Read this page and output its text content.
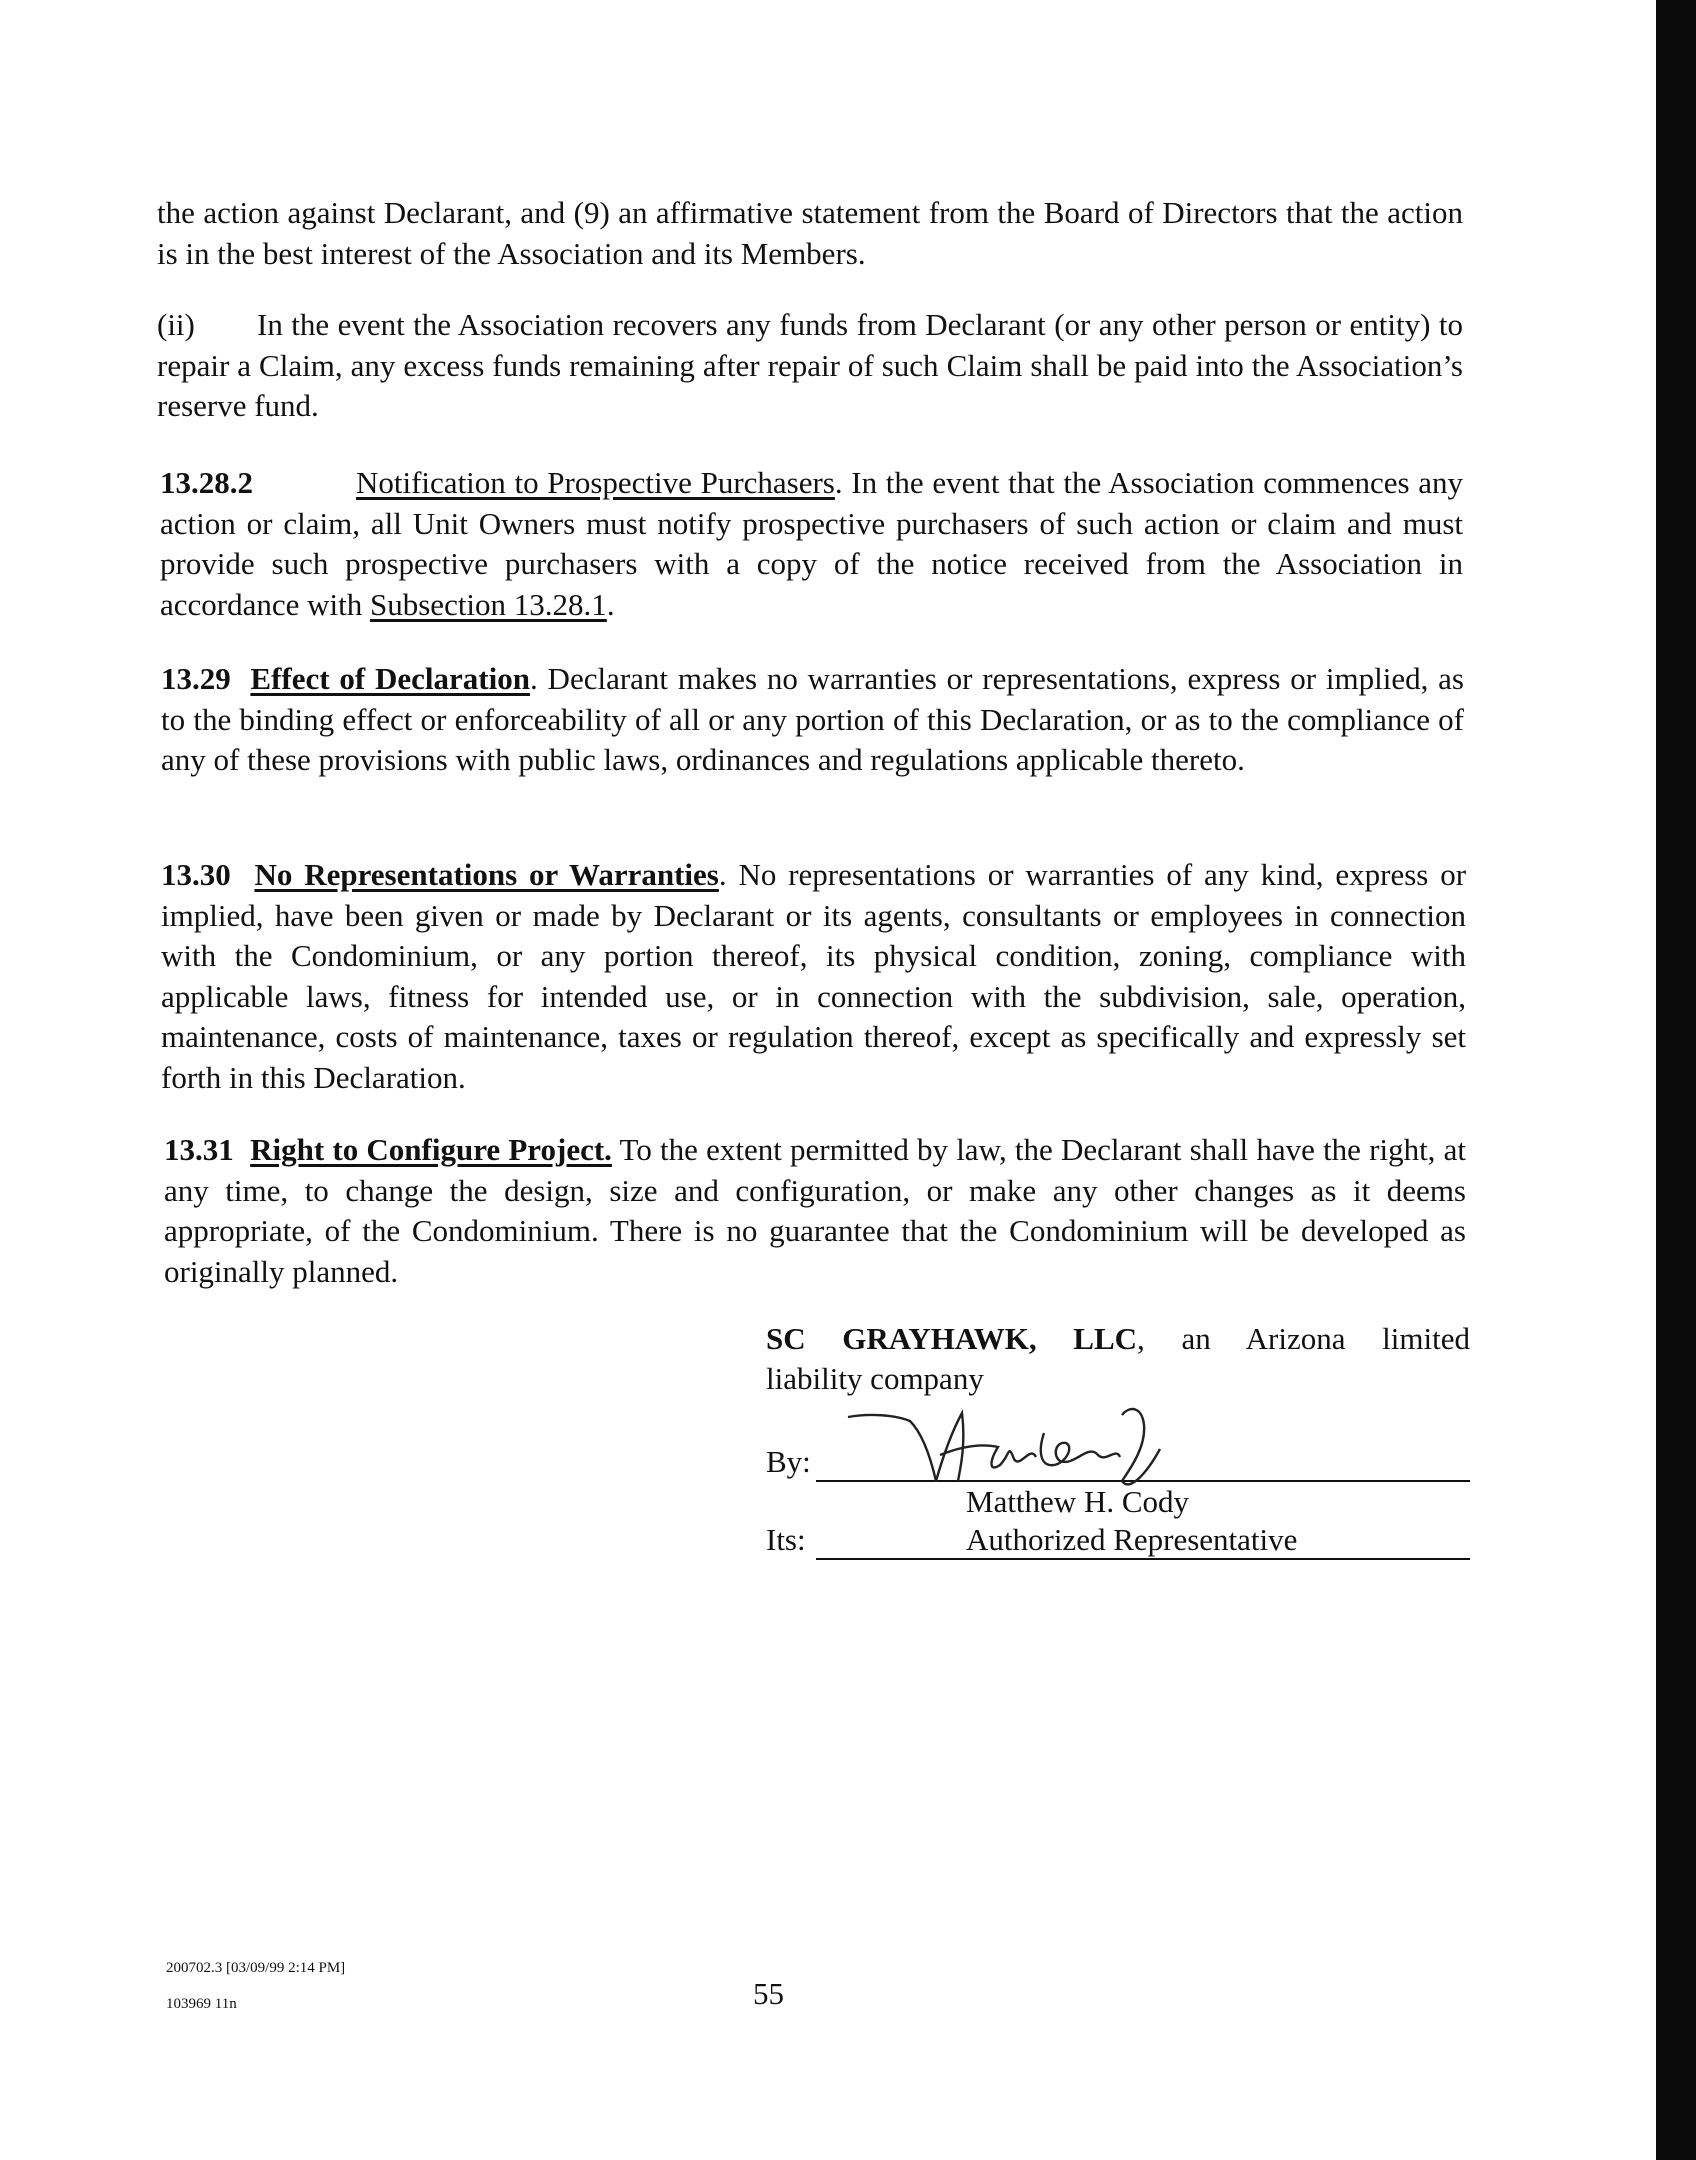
the action against Declarant, and (9) an affirmative statement from the Board of Directors that the action is in the best interest of the Association and its Members.
(ii) In the event the Association recovers any funds from Declarant (or any other person or entity) to repair a Claim, any excess funds remaining after repair of such Claim shall be paid into the Association’s reserve fund.
13.28.2	Notification to Prospective Purchasers. In the event that the Association commences any action or claim, all Unit Owners must notify prospective purchasers of such action or claim and must provide such prospective purchasers with a copy of the notice received from the Association in accordance with Subsection 13.28.1.
13.29 Effect of Declaration. Declarant makes no warranties or representations, express or implied, as to the binding effect or enforceability of all or any portion of this Declaration, or as to the compliance of any of these provisions with public laws, ordinances and regulations applicable thereto.
13.30 No Representations or Warranties. No representations or warranties of any kind, express or implied, have been given or made by Declarant or its agents, consultants or employees in connection with the Condominium, or any portion thereof, its physical condition, zoning, compliance with applicable laws, fitness for intended use, or in connection with the subdivision, sale, operation, maintenance, costs of maintenance, taxes or regulation thereof, except as specifically and expressly set forth in this Declaration.
13.31 Right to Configure Project. To the extent permitted by law, the Declarant shall have the right, at any time, to change the design, size and configuration, or make any other changes as it deems appropriate, of the Condominium. There is no guarantee that the Condominium will be developed as originally planned.
SC GRAYHAWK, LLC, an Arizona limited
liability company
By:
Matthew H. Cody
Its:	Authorized Representative
200702.3 [03/09/99 2:14 PM]
103969 11n	55
